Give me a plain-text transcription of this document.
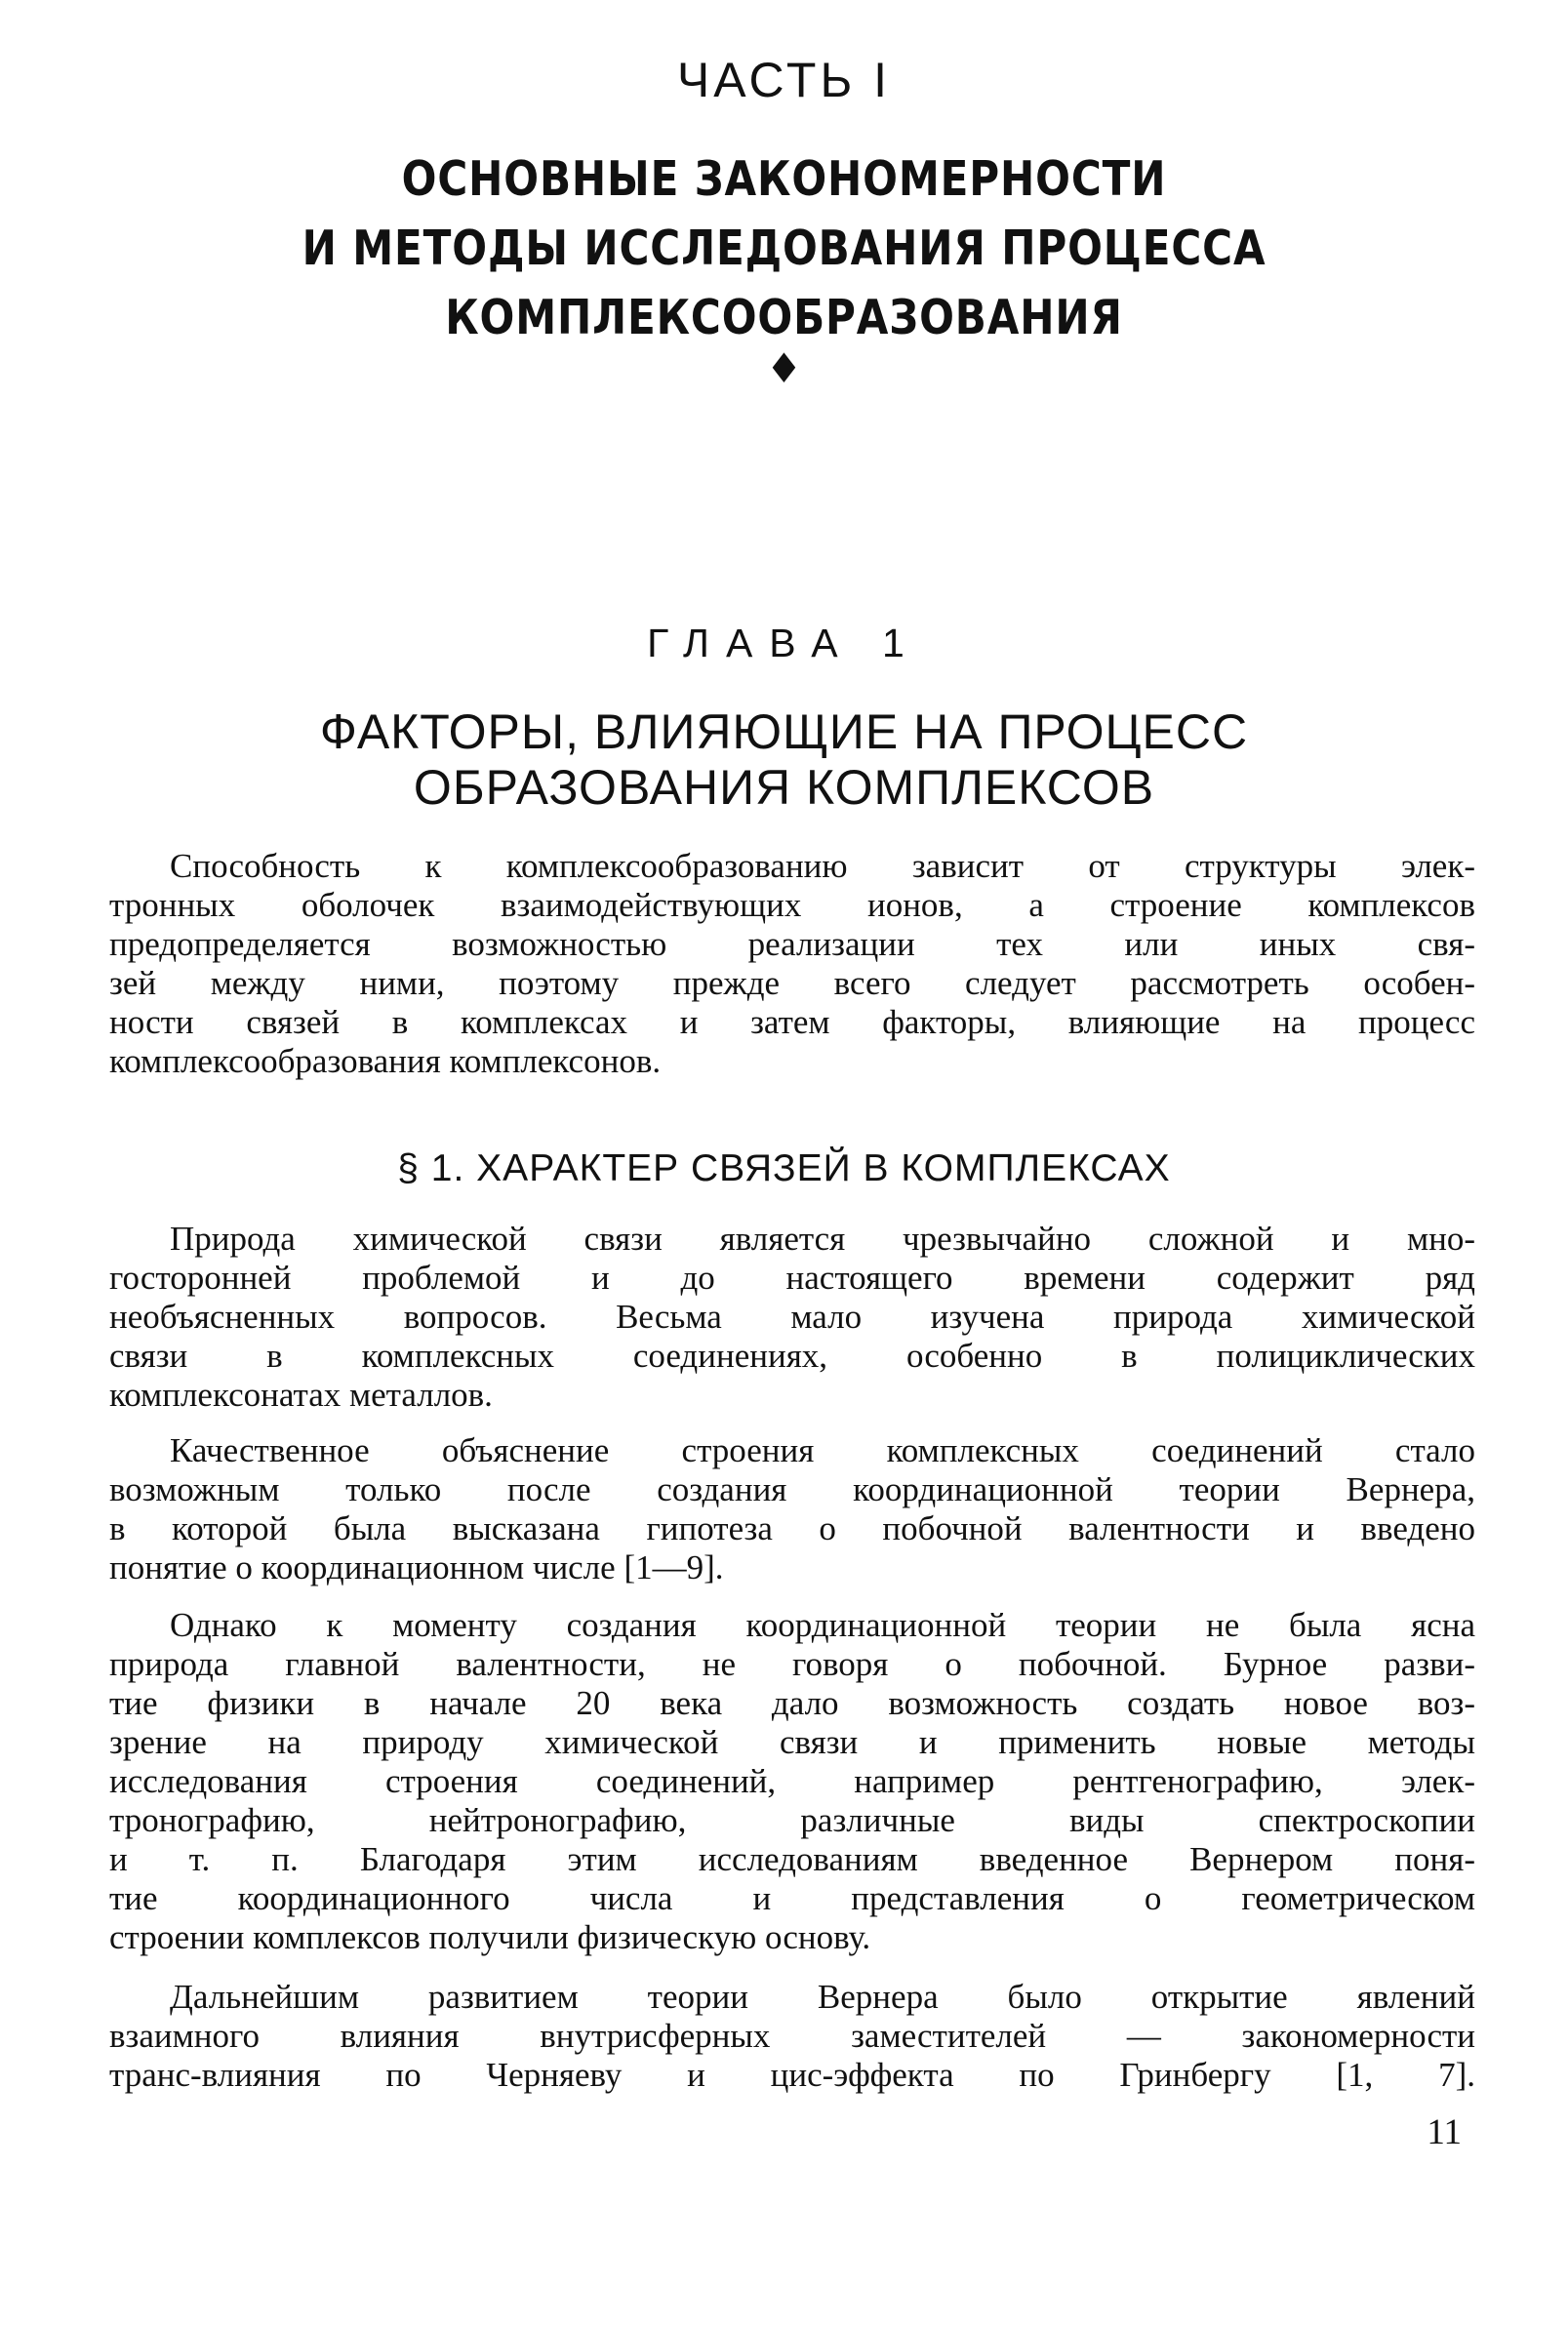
ЧАСТЬ I
ОСНОВНЫЕ ЗАКОНОМЕРНОСТИ
И МЕТОДЫ ИССЛЕДОВАНИЯ ПРОЦЕССА
КОМПЛЕКСООБРАЗОВАНИЯ
♦
ГЛАВА 1
ФАКТОРЫ, ВЛИЯЮЩИЕ НА ПРОЦЕСС
ОБРАЗОВАНИЯ КОМПЛЕКСОВ
Способность к комплексообразованию зависит от структуры элек-
тронных оболочек взаимодействующих ионов, а строение комплексов
предопределяется возможностью реализации тех или иных свя-
зей между ними, поэтому прежде всего следует рассмотреть особен-
ности связей в комплексах и затем факторы, влияющие на процесс
комплексообразования комплексонов.
§ 1. ХАРАКТЕР СВЯЗЕЙ В КОМПЛЕКСАХ
Природа химической связи является чрезвычайно сложной и мно-
госторонней проблемой и до настоящего времени содержит ряд
необъясненных вопросов. Весьма мало изучена природа химической
связи в комплексных соединениях, особенно в полициклических
комплексонатах металлов.
Качественное объяснение строения комплексных соединений стало
возможным только после создания координационной теории Вернера,
в которой была высказана гипотеза о побочной валентности и введено
понятие о координационном числе [1—9].
Однако к моменту создания координационной теории не была ясна
природа главной валентности, не говоря о побочной. Бурное разви-
тие физики в начале 20 века дало возможность создать новое воз-
зрение на природу химической связи и применить новые методы
исследования строения соединений, например рентгенографию, элек-
тронографию, нейтронографию, различные виды спектроскопии
и т. п. Благодаря этим исследованиям введенное Вернером поня-
тие координационного числа и представления о геометрическом
строении комплексов получили физическую основу.
Дальнейшим развитием теории Вернера было открытие явлений
взаимного влияния внутрисферных заместителей — закономерности
транс-влияния по Черняеву и цис-эффекта по Гринбергу [1, 7].
11
